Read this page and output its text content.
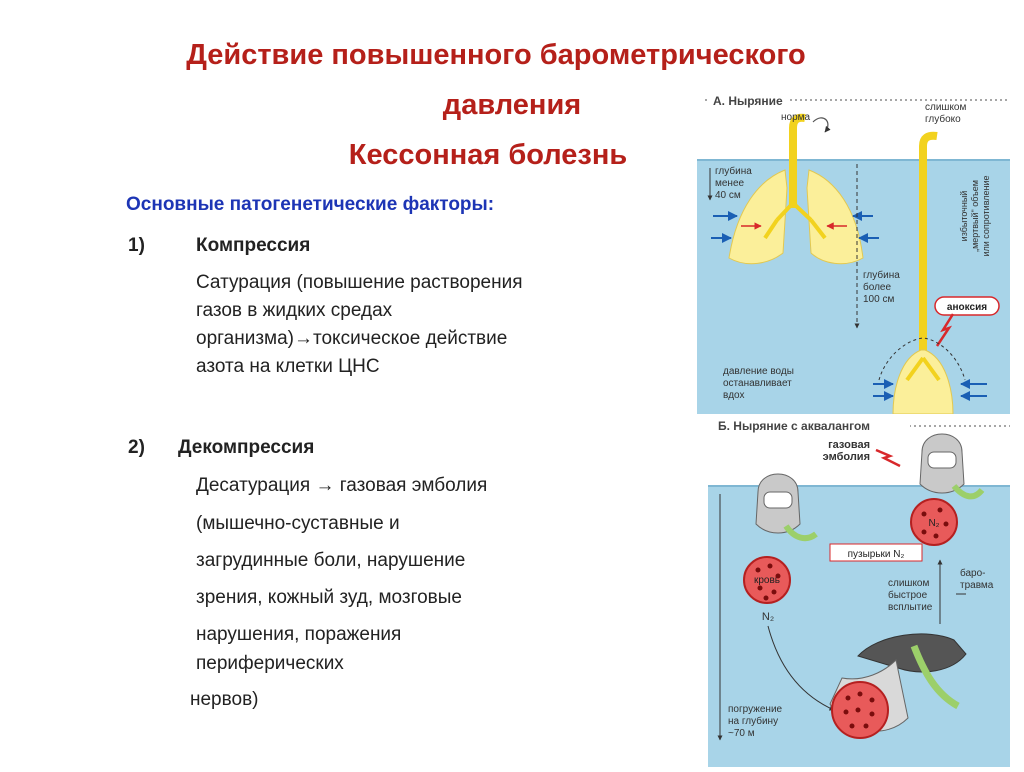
Действие повышенного барометрического
давления
Кессонная болезнь
Основные патогенетические факторы:
1)	Компрессия
Сатурация (повышение растворения
газов в жидких средах
организма)→токсическое действие
азота на клетки ЦНС
2) Декомпрессия
Десатурация → газовая эмболия
(мышечно-суставные и
загрудинные боли, нарушение
зрения, кожный зуд, мозговые
нарушения, поражения
периферических
нервов)
А. Ныряние
норма
глубина
менее
40 см
глубина
более
100 см
слишком
глубоко
избыточный „мертвый" объем или сопротивление
аноксия
давление воды
останавливает
вдох
Б. Ныряние с аквалангом
газовая
эмболия
кровь
N₂
N₂
пузырьки N₂
баро-
травма
слишком
быстрое
всплытие
погружение
на глубину
~70 м
